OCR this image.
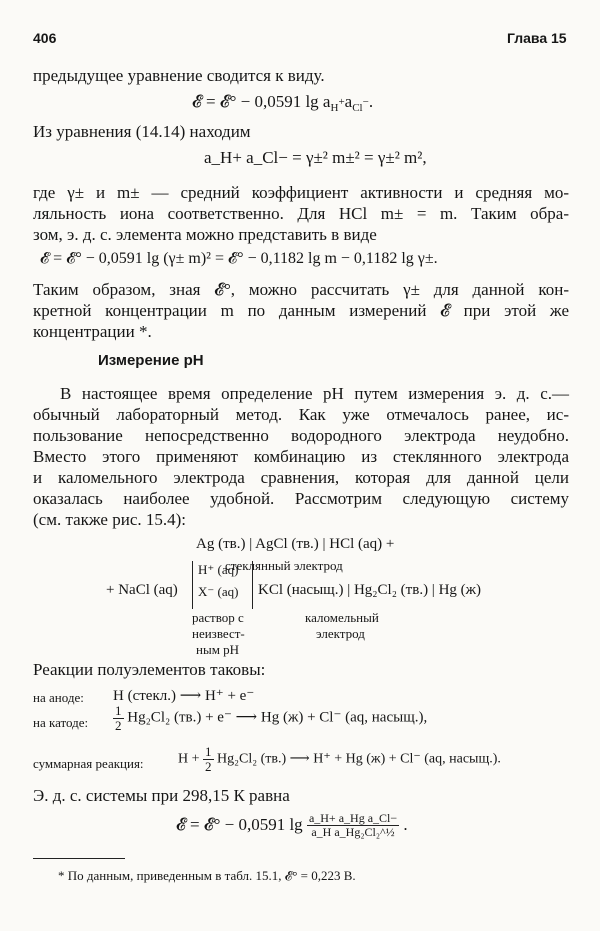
406	Глава 15
предыдущее уравнение сводится к виду.
𝓔 = 𝓔° − 0,0591 $\lg a_{H^+}a_{Cl^-}$.
Из уравнения (14.14) находим
a_H+ a_Cl− = γ±² m±² = γ±² m²,
где γ± и m± — средний коэффициент активности и средняя мо-
ляльность иона соответственно. Для HCl m± = m. Таким обра-
зом, э. д. с. элемента можно представить в виде
𝓔 = 𝓔° − 0,0591 lg (γ± m)² = 𝓔° − 0,1182 lg m − 0,1182 lg γ±.
Таким образом, зная 𝓔°, можно рассчитать γ± для данной кон-
кретной концентрации m по данным измерений 𝓔 при этой же
концентрации *.
Измерение pH
В настоящее время определение pH путем измерения э. д. с.—
обычный лабораторный метод. Как уже отмечалось ранее, ис-
пользование непосредственно водородного электрода неудобно.
Вместо этого применяют комбинацию из стеклянного электрода
и каломельного электрода сравнения, которая для данной цели
оказалась наиболее удобной. Рассмотрим следующую систему
(см. также рис. 15.4):
Ag (тв.) | AgCl (тв.) | HCl (aq) +
стеклянный электрод
+ NaCl (aq)
H⁺ (aq)
X⁻ (aq) KCl (насыщ.) | Hg₂Cl₂ (тв.) | Hg (ж)
раствор с
неизвест-
ным pH
каломельный
электрод
Реакции полуэлементов таковы:
на аноде: H (стекл.) ⟶ H⁺ + e⁻
на катоде: $\frac{1}{2} Hg_2Cl_2$ (тв.) + e⁻ ⟶ Hg (ж) + Cl⁻ (aq, насыщ.),
суммарная реакция: $H + \frac{1}{2} Hg_2Cl_2$ (тв.) ⟶ H⁺ + Hg (ж) + Cl⁻ (aq, насыщ.).
Э. д. с. системы при 298,15 К равна
𝓔 = 𝓔° − 0,0591 $\lg \frac{\text{a\_H+ a\_Hg a\_Cl−}}{\text{a\_H a\_Hg₂Cl₂\textasciicircum{}½}}$ .
* По данным, приведенным в табл. 15.1, 𝓔° = 0,223 В.
